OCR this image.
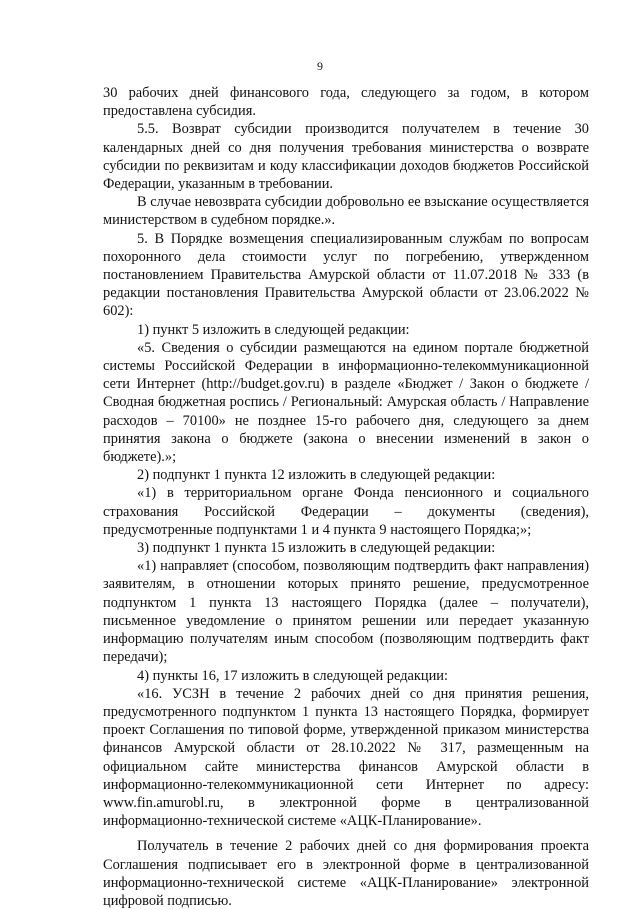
9

30 рабочих дней финансового года, следующего за годом, в котором предоставлена субсидия.

5.5. Возврат субсидии производится получателем в течение 30 календарных дней со дня получения требования министерства о возврате субсидии по реквизитам и коду классификации доходов бюджетов Российской Федерации, указанным в требовании.

В случае невозврата субсидии добровольно ее взыскание осуществляется министерством в судебном порядке.».

5. В Порядке возмещения специализированным службам по вопросам похоронного дела стоимости услуг по погребению, утвержденном постановлением Правительства Амурской области от 11.07.2018 № 333 (в редакции постановления Правительства Амурской области от 23.06.2022 № 602):

1) пункт 5 изложить в следующей редакции:

«5. Сведения о субсидии размещаются на едином портале бюджетной системы Российской Федерации в информационно-телекоммуникационной сети Интернет (http://budget.gov.ru) в разделе «Бюджет / Закон о бюджете / Сводная бюджетная роспись / Региональный: Амурская область / Направление расходов – 70100» не позднее 15-го рабочего дня, следующего за днем принятия закона о бюджете (закона о внесении изменений в закон о бюджете).»;

2) подпункт 1 пункта 12 изложить в следующей редакции:

«1) в территориальном органе Фонда пенсионного и социального страхования Российской Федерации – документы (сведения), предусмотренные подпунктами 1 и 4 пункта 9 настоящего Порядка;»;

3) подпункт 1 пункта 15 изложить в следующей редакции:

«1) направляет (способом, позволяющим подтвердить факт направления) заявителям, в отношении которых принято решение, предусмотренное подпунктом 1 пункта 13 настоящего Порядка (далее – получатели), письменное уведомление о принятом решении или передает указанную информацию получателям иным способом (позволяющим подтвердить факт передачи);

4) пункты 16, 17 изложить в следующей редакции:

«16. УСЗН в течение 2 рабочих дней со дня принятия решения, предусмотренного подпунктом 1 пункта 13 настоящего Порядка, формирует проект Соглашения по типовой форме, утвержденной приказом министерства финансов Амурской области от 28.10.2022 № 317, размещенным на официальном сайте министерства финансов Амурской области в информационно-телекоммуникационной сети Интернет по адресу: www.fin.amurobl.ru, в электронной форме в централизованной информационно-технической системе «АЦК-Планирование».

Получатель в течение 2 рабочих дней со дня формирования проекта Соглашения подписывает его в электронной форме в централизованной информационно-технической системе «АЦК-Планирование» электронной цифровой подписью.
